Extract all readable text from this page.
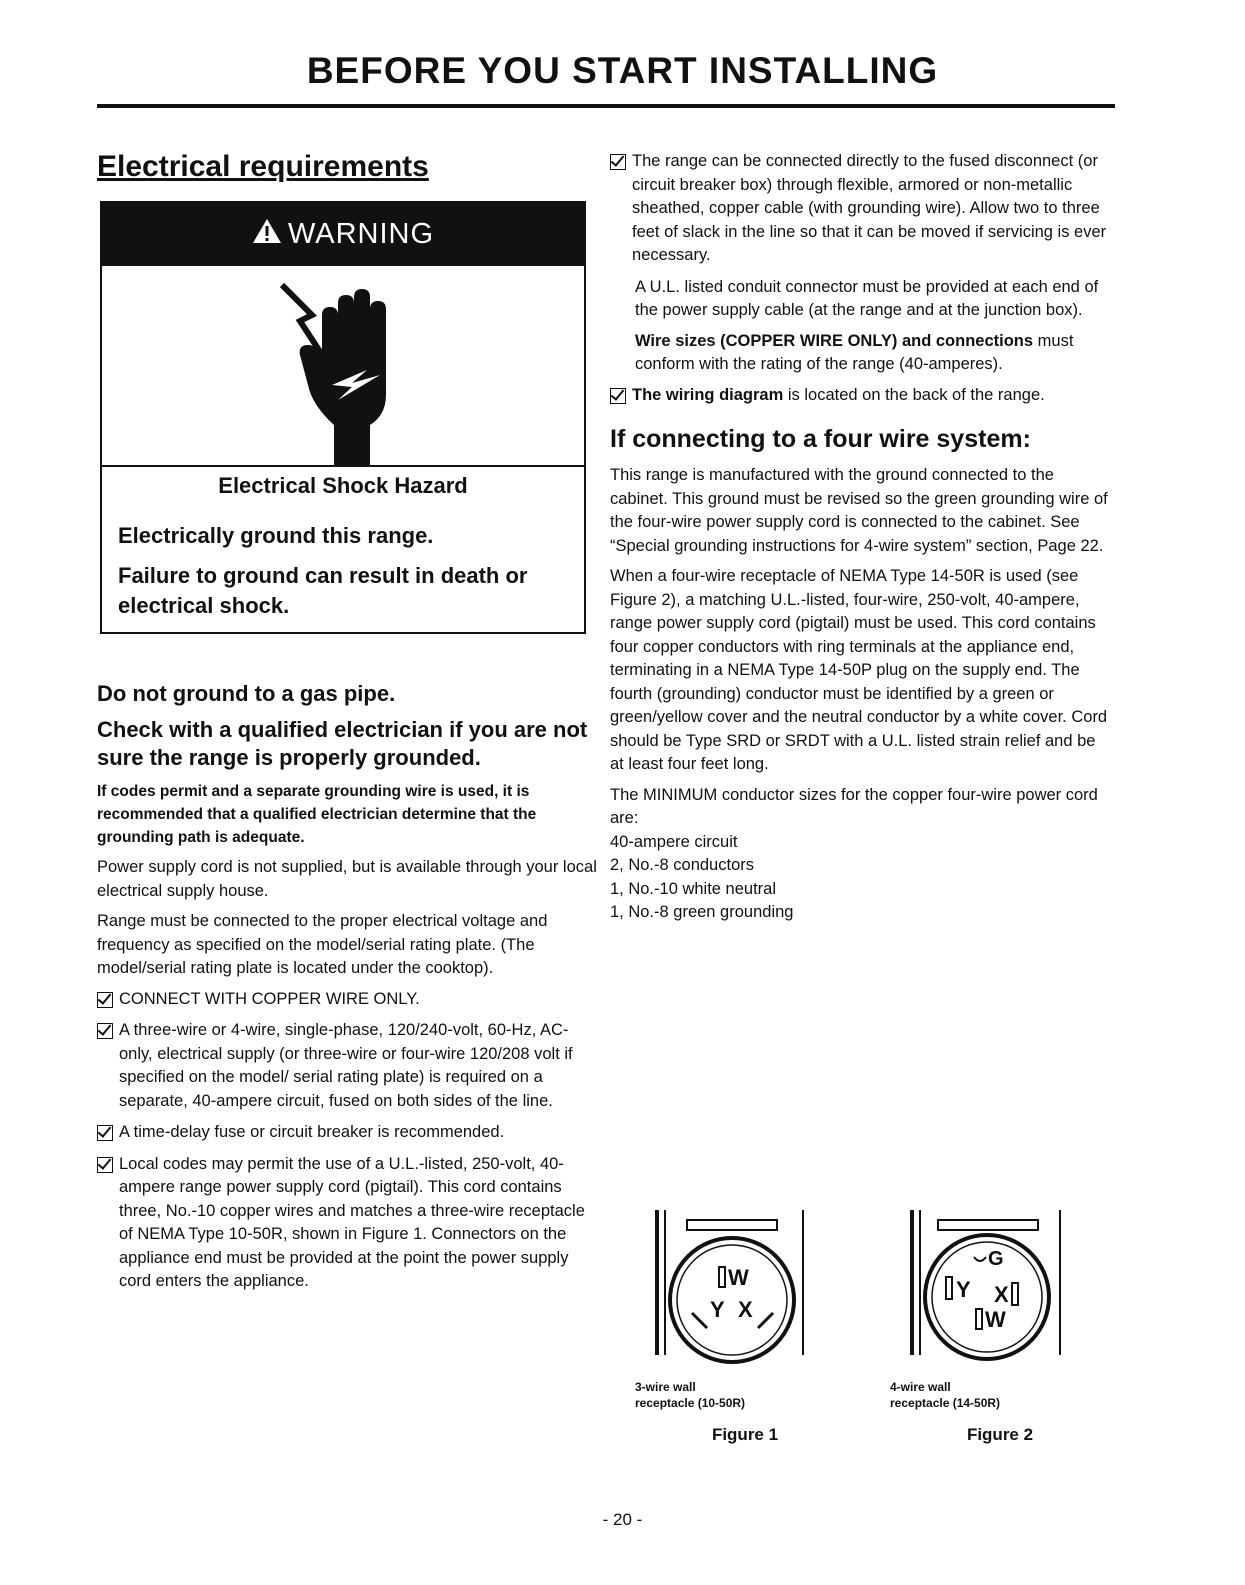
BEFORE YOU START INSTALLING
Electrical requirements
WARNING
Electrical Shock Hazard

Electrically ground this range.

Failure to ground can result in death or electrical shock.

Do not ground to a gas pipe.

Check with a qualified electrician if you are not sure the range is properly grounded.

If codes permit and a separate grounding wire is used, it is recommended that a qualified electrician determine that the grounding path is adequate.

Power supply cord is not supplied, but is available through your local electrical supply house.

Range must be connected to the proper electrical voltage and frequency as specified on the model/serial rating plate. (The model/serial rating plate is located under the cooktop).

CONNECT WITH COPPER WIRE ONLY.
A three-wire or 4-wire, single-phase, 120/240-volt, 60-Hz, AC-only, electrical supply (or three-wire or four-wire 120/208 volt if specified on the model/ serial rating plate) is required on a separate, 40-ampere circuit, fused on both sides of the line.
A time-delay fuse or circuit breaker is recommended.
Local codes may permit the use of a U.L.-listed, 250-volt, 40-ampere range power supply cord (pigtail). This cord contains three, No.-10 copper wires and matches a three-wire receptacle of NEMA Type 10-50R, shown in Figure 1. Connectors on the appliance end must be provided at the point the power supply cord enters the appliance.
The range can be connected directly to the fused disconnect (or circuit breaker box) through flexible, armored or non-metallic sheathed, copper cable (with grounding wire). Allow two to three feet of slack in the line so that it can be moved if servicing is ever necessary.

A U.L. listed conduit connector must be provided at each end of the power supply cable (at the range and at the junction box).

Wire sizes (COPPER WIRE ONLY) and connections must conform with the rating of the range (40-amperes).

The wiring diagram is located on the back of the range.
If connecting to a four wire system:

This range is manufactured with the ground connected to the cabinet. This ground must be revised so the green grounding wire of the four-wire power supply cord is connected to the cabinet. See “Special grounding instructions for 4-wire system” section, Page 22.

When a four-wire receptacle of NEMA Type 14-50R is used (see Figure 2), a matching U.L.-listed, four-wire, 250-volt, 40-ampere, range power supply cord (pigtail) must be used. This cord contains four copper conductors with ring terminals at the appliance end, terminating in a NEMA Type 14-50P plug on the supply end. The fourth (grounding) conductor must be identified by a green or green/yellow cover and the neutral conductor by a white cover. Cord should be Type SRD or SRDT with a U.L. listed strain relief and be at least four feet long.

The MINIMUM conductor sizes for the copper four-wire power cord are:

40-ampere circuit
2, No.-8 conductors
1, No.-10 white neutral
1, No.-8 green grounding
W
Y X
3-wire wall
receptacle (10-50R)
Figure 1
G
Y X
W
4-wire wall
receptacle (14-50R)
Figure 2
- 20 -
